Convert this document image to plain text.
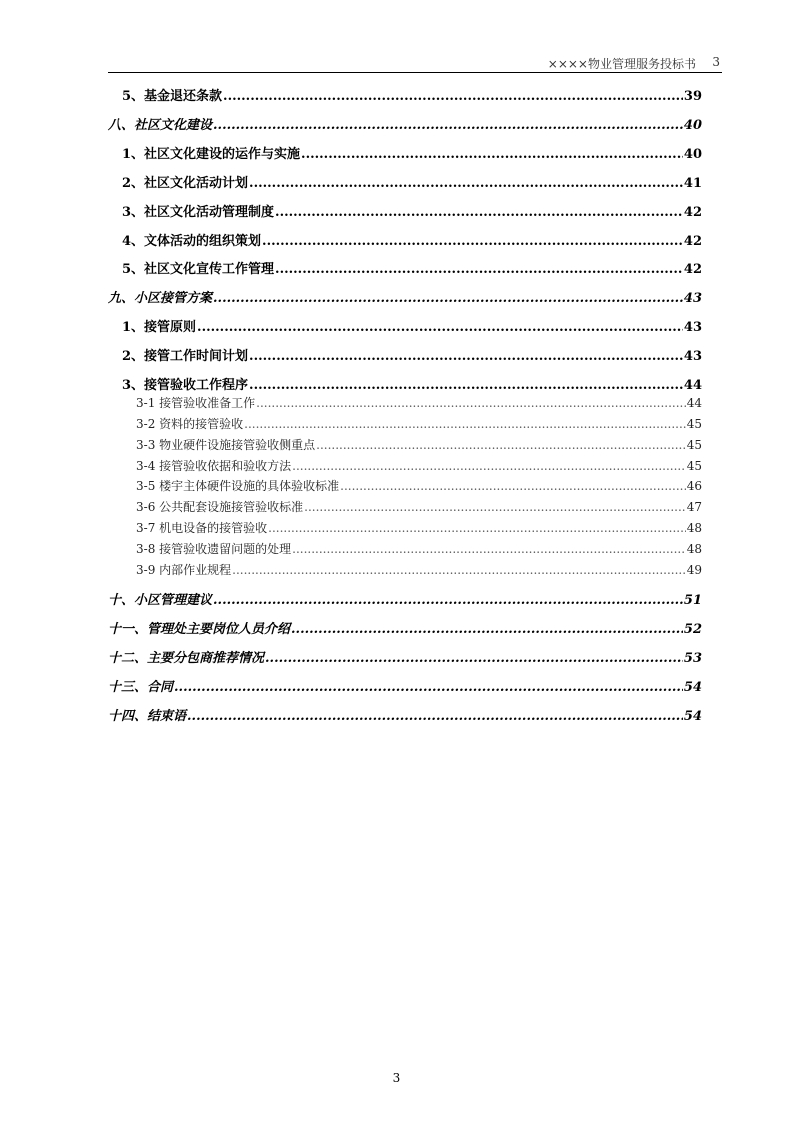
××××物业管理服务投标书 3
5、基金退还条款 .....	39
八、社区文化建设 .....	40
1、社区文化建设的运作与实施 .....	40
2、社区文化活动计划 .....	41
3、社区文化活动管理制度 .....	42
4、文体活动的组织策划 .....	42
5、社区文化宣传工作管理 .....	42
九、小区接管方案 .....	43
1、接管原则 .....	43
2、接管工作时间计划 .....	43
3、接管验收工作程序 .....	44
3-1 接管验收准备工作 .....	44
3-2 资料的接管验收 .....	45
3-3 物业硬件设施接管验收侧重点 .....	45
3-4 接管验收依据和验收方法 .....	45
3-5 楼宇主体硬件设施的具体验收标准 .....	46
3-6 公共配套设施接管验收标准 .....	47
3-7 机电设备的接管验收 .....	48
3-8 接管验收遗留问题的处理 .....	48
3-9 内部作业规程 .....	49
十、小区管理建议 .....	51
十一、管理处主要岗位人员介绍 .....	52
十二、主要分包商推荐情况 .....	53
十三、合同 .....	54
十四、结束语 .....	54
3
